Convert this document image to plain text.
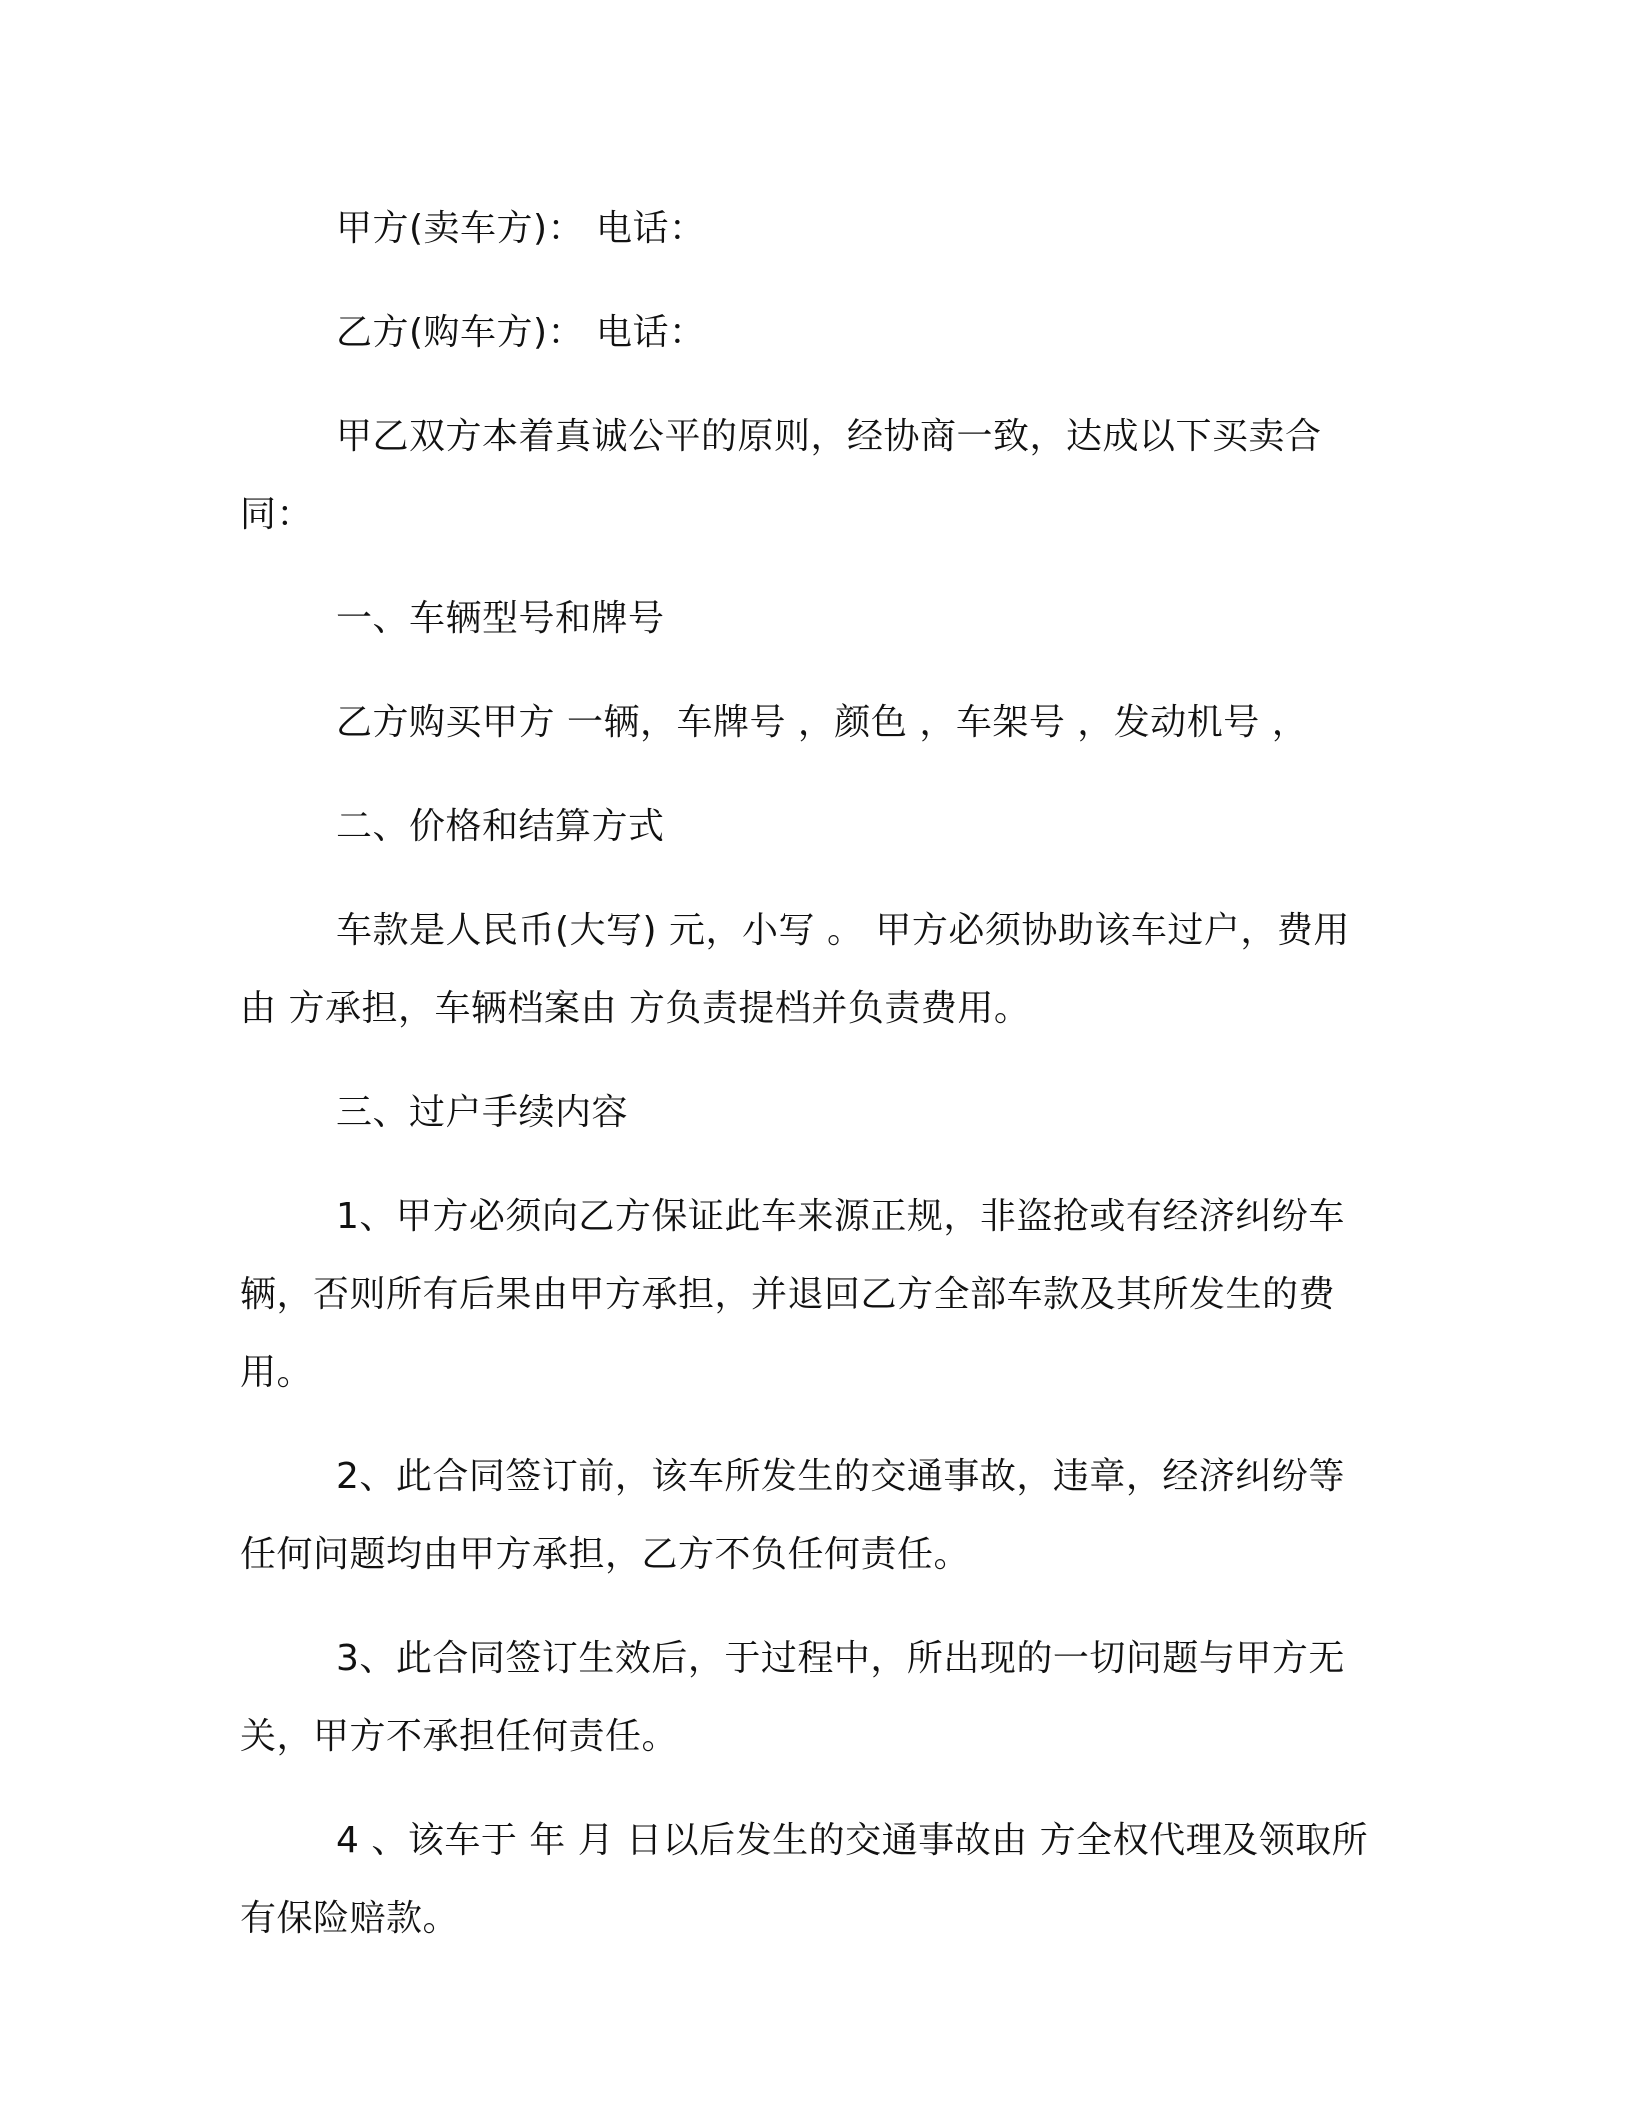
甲方(卖车方)： 电话：

乙方(购车方)： 电话：

甲乙双方本着真诚公平的原则，经协商一致，达成以下买卖合同：

一、车辆型号和牌号

乙方购买甲方 一辆，车牌号 ，颜色 ，车架号 ，发动机号 ，

二、价格和结算方式

车款是人民币(大写) 元，小写 。 甲方必须协助该车过户，费用由 方承担，车辆档案由 方负责提档并负责费用。

三、过户手续内容

1、甲方必须向乙方保证此车来源正规，非盗抢或有经济纠纷车辆，否则所有后果由甲方承担，并退回乙方全部车款及其所发生的费用。

2、此合同签订前，该车所发生的交通事故，违章，经济纠纷等任何问题均由甲方承担，乙方不负任何责任。

3、此合同签订生效后，于过程中，所出现的一切问题与甲方无关，甲方不承担任何责任。

4 、该车于 年 月 日以后发生的交通事故由 方全权代理及领取所有保险赔款。
